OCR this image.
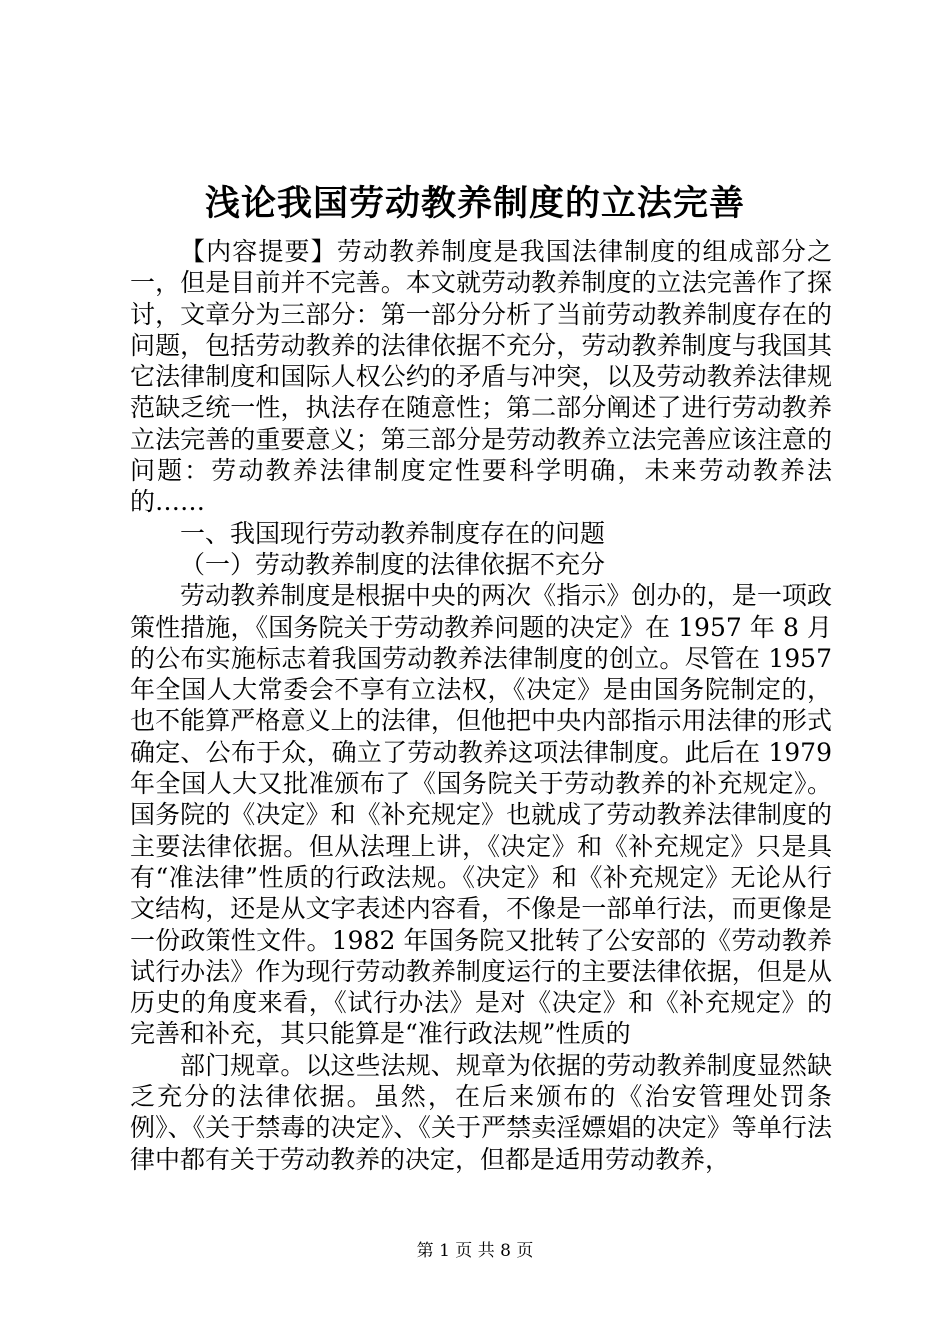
浅论我国劳动教养制度的立法完善

【内容提要】劳动教养制度是我国法律制度的组成部分之一，但是目前并不完善。本文就劳动教养制度的立法完善作了探讨，文章分为三部分：第一部分分析了当前劳动教养制度存在的问题，包括劳动教养的法律依据不充分，劳动教养制度与我国其它法律制度和国际人权公约的矛盾与冲突，以及劳动教养法律规范缺乏统一性，执法存在随意性；第二部分阐述了进行劳动教养立法完善的重要意义；第三部分是劳动教养立法完善应该注意的问题：劳动教养法律制度定性要科学明确，未来劳动教养法的……

一、我国现行劳动教养制度存在的问题

（一）劳动教养制度的法律依据不充分

劳动教养制度是根据中央的两次《指示》创办的，是一项政策性措施，《国务院关于劳动教养问题的决定》在 1957 年 8 月的公布实施标志着我国劳动教养法律制度的创立。尽管在 1957 年全国人大常委会不享有立法权，《决定》是由国务院制定的，也不能算严格意义上的法律，但他把中央内部指示用法律的形式确定、公布于众，确立了劳动教养这项法律制度。此后在 1979 年全国人大又批准颁布了《国务院关于劳动教养的补充规定》。国务院的《决定》和《补充规定》也就成了劳动教养法律制度的主要法律依据。但从法理上讲，《决定》和《补充规定》只是具有“准法律”性质的行政法规。《决定》和《补充规定》无论从行文结构，还是从文字表述内容看，不像是一部单行法，而更像是一份政策性文件。1982 年国务院又批转了公安部的《劳动教养试行办法》作为现行劳动教养制度运行的主要法律依据，但是从历史的角度来看，《试行办法》是对《决定》和《补充规定》的完善和补充，其只能算是“准行政法规”性质的

部门规章。以这些法规、规章为依据的劳动教养制度显然缺乏充分的法律依据。虽然，在后来颁布的《治安管理处罚条例》、《关于禁毒的决定》、《关于严禁卖淫嫖娼的决定》等单行法律中都有关于劳动教养的决定，但都是适用劳动教养，

第 1 页 共 8 页
